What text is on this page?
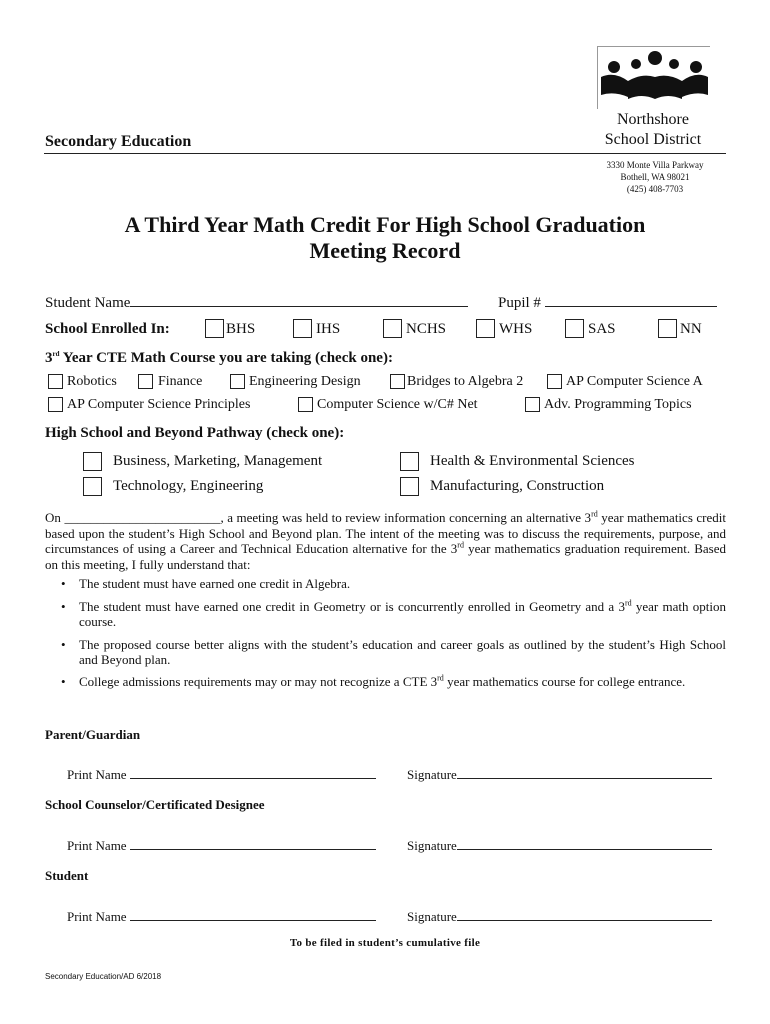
Secondary Education
Northshore
School District
3330 Monte Villa Parkway
Bothell, WA 98021
(425) 408-7703
A Third Year Math Credit For High School Graduation
Meeting Record
Student Name	Pupil #
School Enrolled In:	BHS	IHS	NCHS	WHS	SAS	NN
3rd Year CTE Math Course you are taking (check one):
Robotics	Finance	Engineering Design	Bridges to Algebra 2	AP Computer Science A
AP Computer Science Principles	Computer Science w/C# Net	Adv. Programming Topics
High School and Beyond Pathway (check one):
Business, Marketing, Management
Technology, Engineering
Health & Environmental Sciences
Manufacturing, Construction
On ________________________, a meeting was held to review information concerning an alternative 3rd year mathematics credit based upon the student’s High School and Beyond plan. The intent of the meeting was to discuss the requirements, purpose, and circumstances of using a Career and Technical Education alternative for the 3rd year mathematics graduation requirement. Based on this meeting, I fully understand that:
• The student must have earned one credit in Algebra.
• The student must have earned one credit in Geometry or is concurrently enrolled in Geometry and a 3rd year math option course.
• The proposed course better aligns with the student’s education and career goals as outlined by the student’s High School and Beyond plan.
• College admissions requirements may or may not recognize a CTE 3rd year mathematics course for college entrance.
Parent/Guardian
Print Name	Signature
School Counselor/Certificated Designee
Print Name	Signature
Student
Print Name	Signature
To be filed in student’s cumulative file
Secondary Education/AD 6/2018
